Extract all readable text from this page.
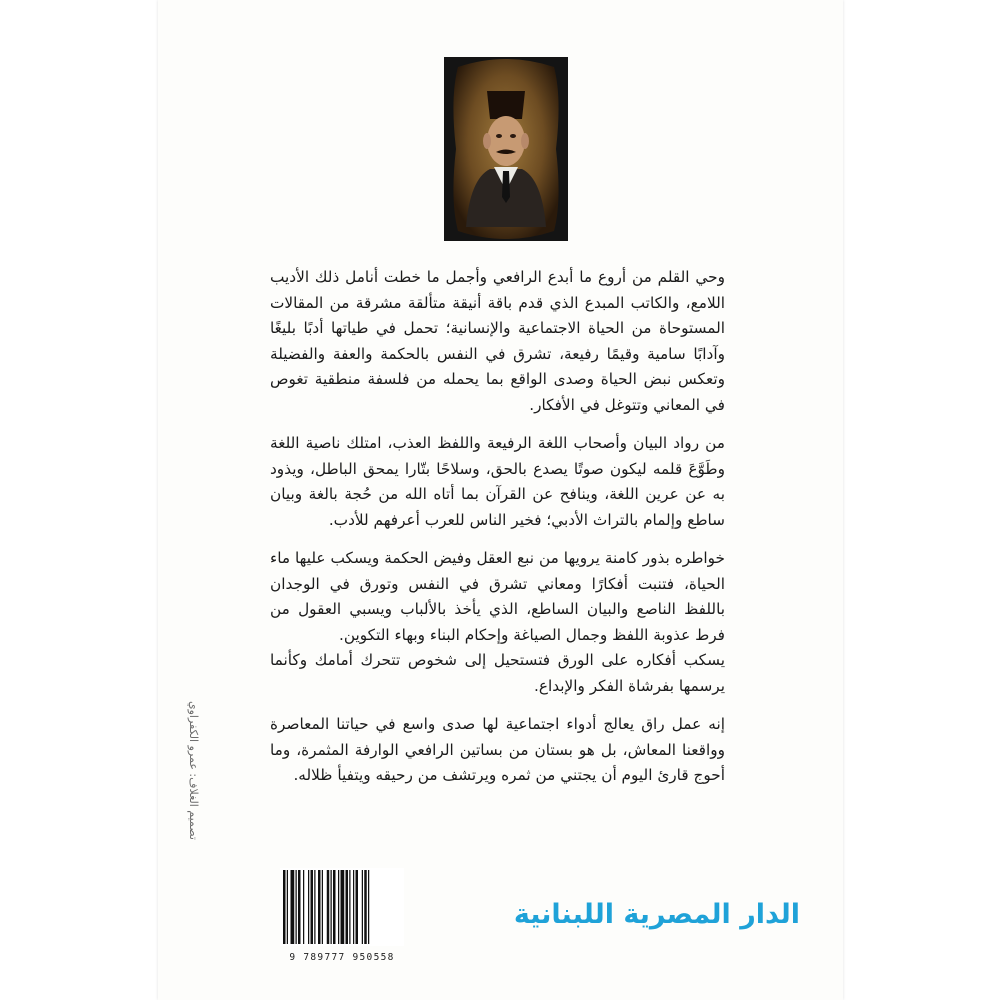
وحي القلم من أروع ما أبدع الرافعي وأجمل ما خطت أنامل ذلك الأديب اللامع، والكاتب المبدع الذي قدم باقة أنيقة متألقة مشرقة من المقالات المستوحاة من الحياة الاجتماعية والإنسانية؛ تحمل في طياتها أدبًا بليغًا وآدابًا سامية وقيمًا رفيعة، تشرق في النفس بالحكمة والعفة والفضيلة وتعكس نبض الحياة وصدى الواقع بما يحمله من فلسفة منطقية تغوص في المعاني وتتوغل في الأفكار.

من رواد البيان وأصحاب اللغة الرفيعة واللفظ العذب، امتلك ناصية اللغة وطَوَّعَ قلمه ليكون صوتًا يصدع بالحق، وسلاحًا بتّارا يمحق الباطل، ويذود به عن عرين اللغة، وينافح عن القرآن بما أتاه الله من حُجة بالغة وبيان ساطع وإلمام بالتراث الأدبي؛ فخير الناس للعرب أعرفهم للأدب.

خواطره بذور كامنة يرويها من نبع العقل وفيض الحكمة ويسكب عليها ماء الحياة، فتنبت أفكارًا ومعاني تشرق في النفس وتورق في الوجدان باللفظ الناصع والبيان الساطع، الذي يأخذ بالألباب ويسبي العقول من فرط عذوبة اللفظ وجمال الصياغة وإحكام البناء وبهاء التكوين.

يسكب أفكاره على الورق فتستحيل إلى شخوص تتحرك أمامك وكأنما يرسمها بفرشاة الفكر والإبداع.

إنه عمل راق يعالج أدواء اجتماعية لها صدى واسع في حياتنا المعاصرة وواقعنا المعاش، بل هو بستان من بساتين الرافعي الوارفة المثمرة، وما أحوج قارئ اليوم أن يجتني من ثمره ويرتشف من رحيقه ويتفيأ ظلاله.

تصميم الغلاف: عمرو الكفراوي
9 789777 950558
الدار المصرية اللبنانية
